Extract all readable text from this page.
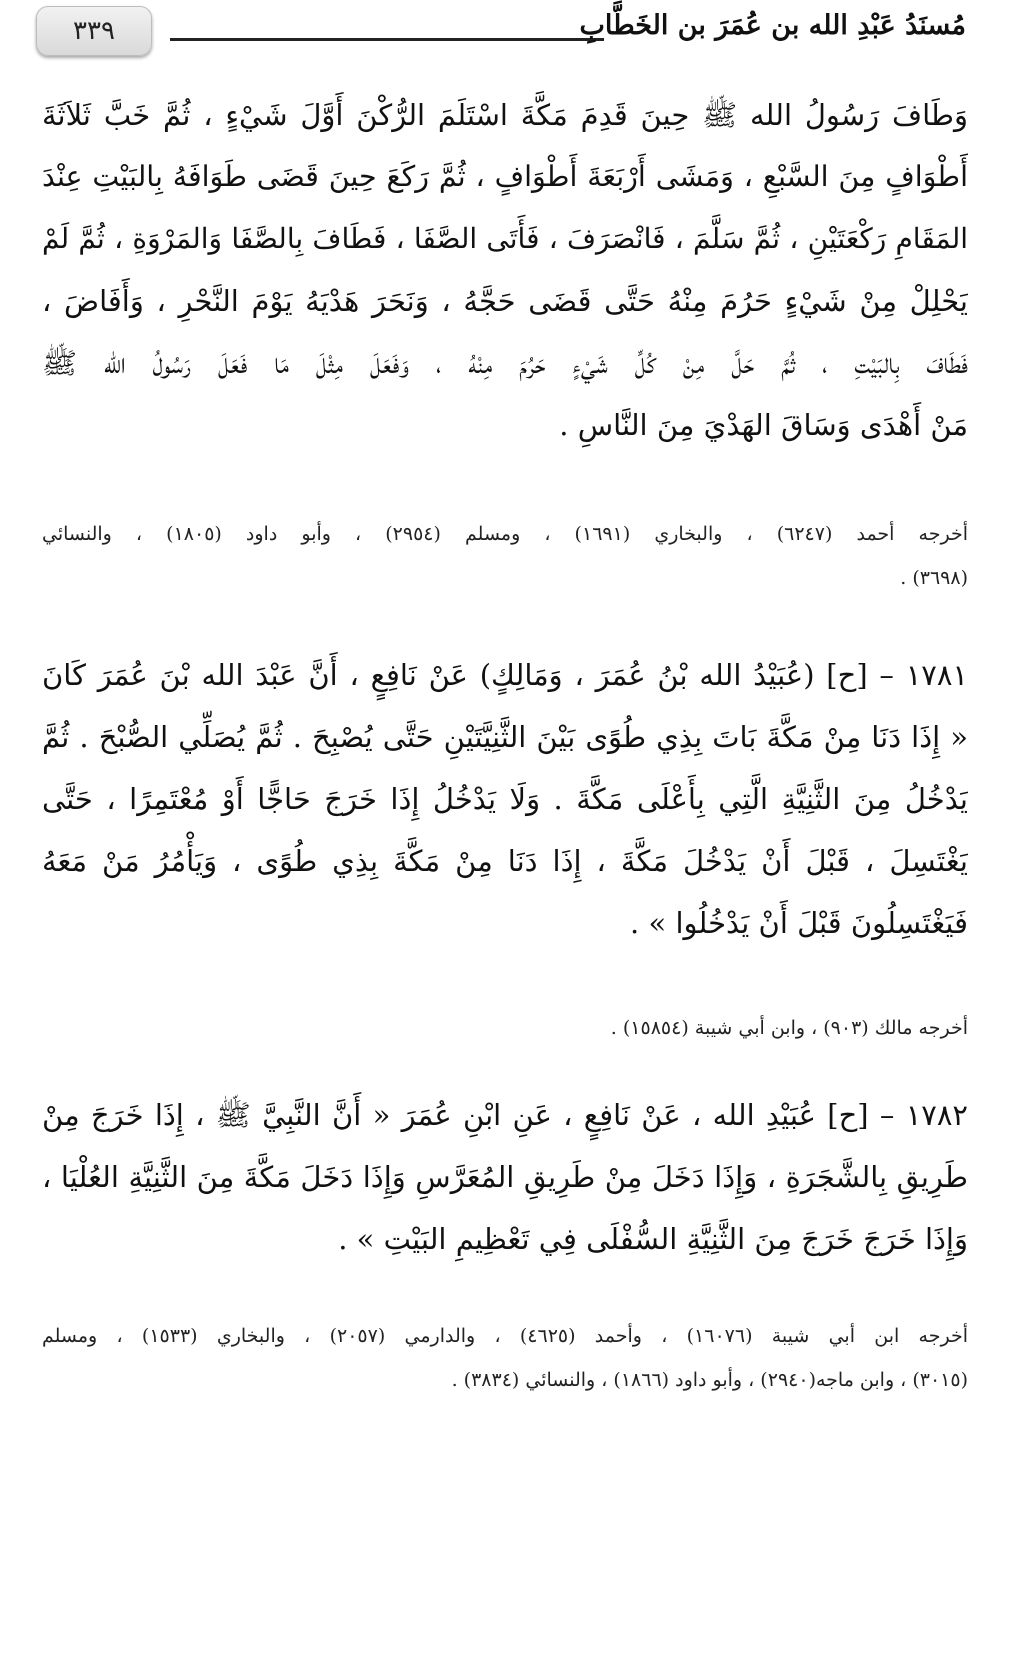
٣٣٩	مُسنَدُ عَبْدِ الله بن عُمَرَ بن الخَطَّابِ
وَطَافَ رَسُولُ الله ﷺ حِينَ قَدِمَ مَكَّةَ اسْتَلَمَ الرُّكْنَ أَوَّلَ شَيْءٍ ، ثُمَّ خَبَّ ثَلاَثَةَ
أَطْوَافٍ مِنَ السَّبْعِ ، وَمَشَى أَرْبَعَةَ أَطْوَافٍ ، ثُمَّ رَكَعَ حِينَ قَضَى طَوَافَهُ بِالبَيْتِ عِنْدَ
المَقَامِ رَكْعَتَيْنِ ، ثُمَّ سَلَّمَ ، فَانْصَرَفَ ، فَأَتَى الصَّفَا ، فَطَافَ بِالصَّفَا وَالمَرْوَةِ ، ثُمَّ لَمْ
يَحْلِلْ مِنْ شَيْءٍ حَرُمَ مِنْهُ حَتَّى قَضَى حَجَّهُ ، وَنَحَرَ هَدْيَهُ يَوْمَ النَّحْرِ ، وَأَفَاضَ ،
فَطَافَ بِالبَيْتِ ، ثُمَّ حَلَّ مِنْ كُلِّ شَيْءٍ حَرُمَ مِنْهُ ، وَفَعَلَ مِثْلَ مَا فَعَلَ رَسُولُ الله ﷺ
مَنْ أَهْدَى وَسَاقَ الهَدْيَ مِنَ النَّاسِ .
أخرجه أحمد (٦٢٤٧) ، والبخاري (١٦٩١) ، ومسلم (٢٩٥٤) ، وأبو داود (١٨٠٥) ، والنسائي
(٣٦٩٨) .
١٧٨١ – [ح] (عُبَيْدُ الله بْنُ عُمَرَ ، وَمَالِكٍ) عَنْ نَافِعٍ ، أَنَّ عَبْدَ الله بْنَ عُمَرَ كَانَ
« إِذَا دَنَا مِنْ مَكَّةَ بَاتَ بِذِي طُوًى بَيْنَ الثَّنِيَّتَيْنِ حَتَّى يُصْبِحَ . ثُمَّ يُصَلِّي الصُّبْحَ . ثُمَّ
يَدْخُلُ مِنَ الثَّنِيَّةِ الَّتِي بِأَعْلَى مَكَّةَ . وَلَا يَدْخُلُ إِذَا خَرَجَ حَاجًّا أَوْ مُعْتَمِرًا ، حَتَّى
يَغْتَسِلَ ، قَبْلَ أَنْ يَدْخُلَ مَكَّةَ ، إِذَا دَنَا مِنْ مَكَّةَ بِذِي طُوًى ، وَيَأْمُرُ مَنْ مَعَهُ
فَيَغْتَسِلُونَ قَبْلَ أَنْ يَدْخُلُوا » .
أخرجه مالك (٩٠٣) ، وابن أبي شيبة (١٥٨٥٤) .
١٧٨٢ – [ح] عُبَيْدِ الله ، عَنْ نَافِعٍ ، عَنِ ابْنِ عُمَرَ « أَنَّ النَّبِيَّ ﷺ ، إِذَا خَرَجَ مِنْ
طَرِيقِ بِالشَّجَرَةِ ، وَإِذَا دَخَلَ مِنْ طَرِيقِ المُعَرَّسِ وَإِذَا دَخَلَ مَكَّةَ مِنَ الثَّنِيَّةِ العُلْيَا ،
وَإِذَا خَرَجَ خَرَجَ مِنَ الثَّنِيَّةِ السُّفْلَى فِي تَعْظِيمِ البَيْتِ » .
أخرجه ابن أبي شيبة (١٦٠٧٦) ، وأحمد (٤٦٢٥) ، والدارمي (٢٠٥٧) ، والبخاري (١٥٣٣) ، ومسلم
(٣٠١٥) ، وابن ماجه(٢٩٤٠) ، وأبو داود (١٨٦٦) ، والنسائي (٣٨٣٤) .
